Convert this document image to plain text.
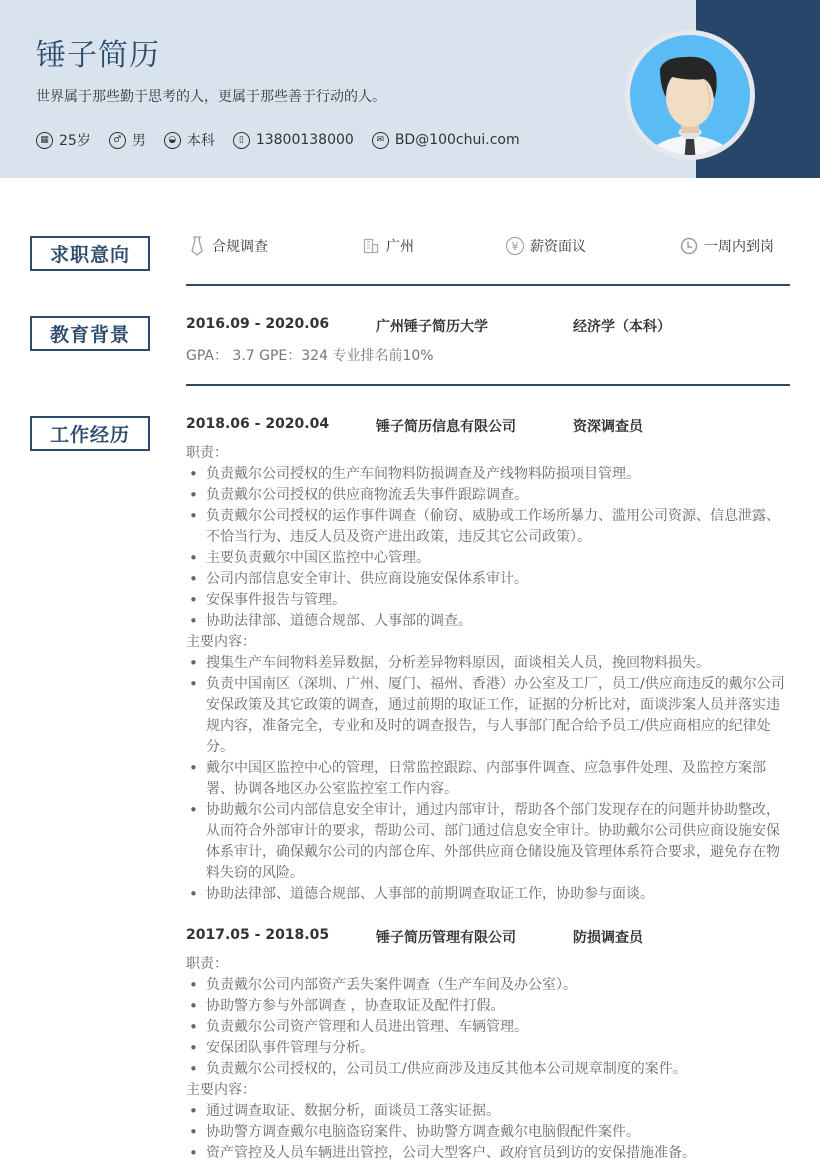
锤子简历
世界属于那些勤于思考的人，更属于那些善于行动的人。
▦ 25岁	♂ 男	◒ 本科	▯ 13800138000	✉ BD@100chui.com
求职意向	合规调查	广州	¥ 薪资面议	一周内到岗
教育背景	2016.09 - 2020.06	广州锤子简历大学	经济学（本科）
GPA： 3.7 GPE：324 专业排名前10%
工作经历	2018.06 - 2020.04	锤子简历信息有限公司	资深调查员
职责：
• 负责戴尔公司授权的生产车间物料防损调查及产线物料防损项目管理。
• 负责戴尔公司授权的供应商物流丢失事件跟踪调查。
• 负责戴尔公司授权的运作事件调查（偷窃、威胁或工作场所暴力、滥用公司资源、信息泄露、不恰当行为、违反人员及资产进出政策，违反其它公司政策）。
• 主要负责戴尔中国区监控中心管理。
• 公司内部信息安全审计、供应商设施安保体系审计。
• 安保事件报告与管理。
• 协助法律部、道德合规部、人事部的调查。
主要内容：
• 搜集生产车间物料差异数据，分析差异物料原因，面谈相关人员，挽回物料损失。
• 负责中国南区（深圳、广州、厦门、福州、香港）办公室及工厂，员工/供应商违反的戴尔公司安保政策及其它政策的调查，通过前期的取证工作，证据的分析比对，面谈涉案人员并落实违规内容，准备完全，专业和及时的调查报告，与人事部门配合给予员工/供应商相应的纪律处分。
• 戴尔中国区监控中心的管理，日常监控跟踪、内部事件调查、应急事件处理、及监控方案部署、协调各地区办公室监控室工作内容。
• 协助戴尔公司内部信息安全审计，通过内部审计，帮助各个部门发现存在的问题并协助整改，从而符合外部审计的要求，帮助公司、部门通过信息安全审计。协助戴尔公司供应商设施安保体系审计，确保戴尔公司的内部仓库、外部供应商仓储设施及管理体系符合要求，避免存在物料失窃的风险。
• 协助法律部、道德合规部、人事部的前期调查取证工作，协助参与面谈。
2017.05 - 2018.05	锤子简历管理有限公司	防损调查员
职责：
• 负责戴尔公司内部资产丢失案件调查（生产车间及办公室）。
• 协助警方参与外部调查 ，协查取证及配件打假。
• 负责戴尔公司资产管理和人员进出管理、车辆管理。
• 安保团队事件管理与分析。
• 负责戴尔公司授权的，公司员工/供应商涉及违反其他本公司规章制度的案件。
主要内容：
• 通过调查取证、数据分析，面谈员工落实证据。
• 协助警方调查戴尔电脑盗窃案件、协助警方调查戴尔电脑假配件案件。
• 资产管控及人员车辆进出管控，公司大型客户、政府官员到访的安保措施准备。
